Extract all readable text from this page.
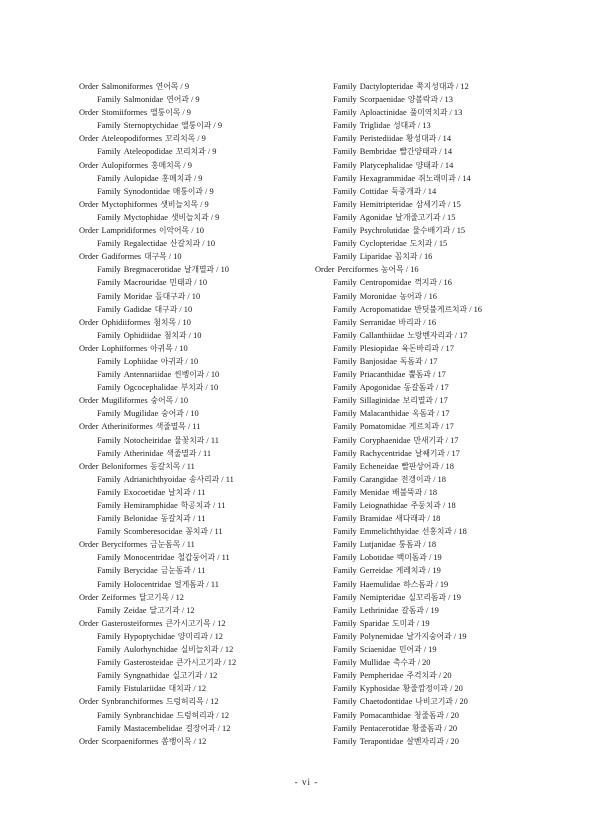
Order Salmoniformes 연어목 / 9
Family Salmonidae 연어과 / 9
Order Stomiiformes 앨퉁이목 / 9
Family Sternoptychidae 앨퉁이과 / 9
Order Ateleopodiformes 꼬리치목 / 9
Family Ateleopodidae 꼬리치과 / 9
Order Aulopiformes 홍메치목 / 9
Family Aulopidae 홍메치과 / 9
Family Synodontidae 매퉁이과 / 9
Order Myctophiformes 샛비늘치목 / 9
Family Myctophidae 샛비늘치과 / 9
Order Lampridiformes 이악어목 / 10
Family Regalectidae 산갈치과 / 10
Order Gadiformes 대구목 / 10
Family Bregmacerotidae 날개멸과 / 10
Family Macrouridae 민태과 / 10
Family Moridae 돌대구과 / 10
Family Gadidae 대구과 / 10
Order Ophidiiformes 첨치목 / 10
Family Ophidiidae 첨치과 / 10
Order Lophiiformes 아귀목 / 10
Family Lophiidae 아귀과 / 10
Family Antennariidae 씬벵이과 / 10
Family Ogcocephalidae 부치과 / 10
Order Mugiliformes 숭어목 / 10
Family Mugilidae 숭어과 / 10
Order Atheriniformes 색줄멸목 / 11
Family Notocheiridae 물꽃치과 / 11
Family Atherinidae 색줄멸과 / 11
Order Beloniformes 동갈치목 / 11
Family Adrianichthyoidae 송사리과 / 11
Family Exocoetidae 날치과 / 11
Family Hemiramphidae 학공치과 / 11
Family Belonidae 동갈치과 / 11
Family Scomberesocidae 꽁치과 / 11
Order Beryciformes 금눈돔목 / 11
Family Monocentridae 철갑둥어과 / 11
Family Berycidae 금눈돔과 / 11
Family Holocentridae 얼게돔과 / 11
Order Zeiformes 달고기목 / 12
Family Zeidae 달고기과 / 12
Order Gasterosteiformes 큰가시고기목 / 12
Family Hypoptychidae 양미리과 / 12
Family Aulorhynchidae 실비늘치과 / 12
Family Gasterosteidae 큰가시고기과 / 12
Family Syngnathidae 실고기과 / 12
Family Fistulariidae 대치과 / 12
Order Synbranchiformes 드렁허리목 / 12
Family Synbranchidae 드렁허리과 / 12
Family Mastacembelidae 걸장어과 / 12
Order Scorpaeniformes 쏨뱅이목 / 12
Family Dactylopteridae 쭉지성대과 / 12
Family Scorpaenidae 양볼락과 / 13
Family Aploactinidae 풀미역치과 / 13
Family Triglidae 성대과 / 13
Family Peristediidae 황성대과 / 14
Family Bembridae 빨간양태과 / 14
Family Platycephalidae 양태과 / 14
Family Hexagrammidae 쥐노래미과 / 14
Family Cottidae 둑중개과 / 14
Family Hemitripteridae 삼세기과 / 15
Family Agonidae 날개줄고기과 / 15
Family Psychrolutidae 물수배기과 / 15
Family Cyclopteridae 도치과 / 15
Family Liparidae 꼼치과 / 16
Order Perciformes 농어목 / 16
Family Centropomidae 꺽지과 / 16
Family Moronidae 농어과 / 16
Family Acropomatidae 반딧불게르치과 / 16
Family Serranidae 바리과 / 16
Family Callanthiidae 노랑벤자리과 / 17
Family Plesiopidae 육돈바리과 / 17
Family Banjosidae 독돔과 / 17
Family Priacanthidae 뿔돔과 / 17
Family Apogonidae 동갈돔과 / 17
Family Sillaginidae 보리멸과 / 17
Family Malacanthidae 옥돔과 / 17
Family Pomatomidae 게르치과 / 17
Family Coryphaenidae 만새기과 / 17
Family Rachycentridae 날쌔기과 / 17
Family Echeneidae 빨판상어과 / 18
Family Carangidae 전갱이과 / 18
Family Menidae 배불뚝과 / 18
Family Leiognathidae 주둥치과 / 18
Family Bramidae 새다래과 / 18
Family Emmelichthyidae 선홍치과 / 18
Family Lutjanidae 퉁돔과 / 18
Family Lobotidae 백미돔과 / 19
Family Gerreidae 게레치과 / 19
Family Haemulidae 하스돔과 / 19
Family Nemipteridae 실꼬리돔과 / 19
Family Lethrinidae 갈돔과 / 19
Family Sparidae 도미과 / 19
Family Polynemidae 날가지숭어과 / 19
Family Sciaenidae 민어과 / 19
Family Mullidae 촉수과 / 20
Family Pempheridae 주걱치과 / 20
Family Kyphosidae 황줄깜정이과 / 20
Family Chaetodontidae 나비고기과 / 20
Family Pomacanthidae 청줄돔과 / 20
Family Pentacerotidae 황줄돔과 / 20
Family Terapontidae 살벤자리과 / 20
- vi -
